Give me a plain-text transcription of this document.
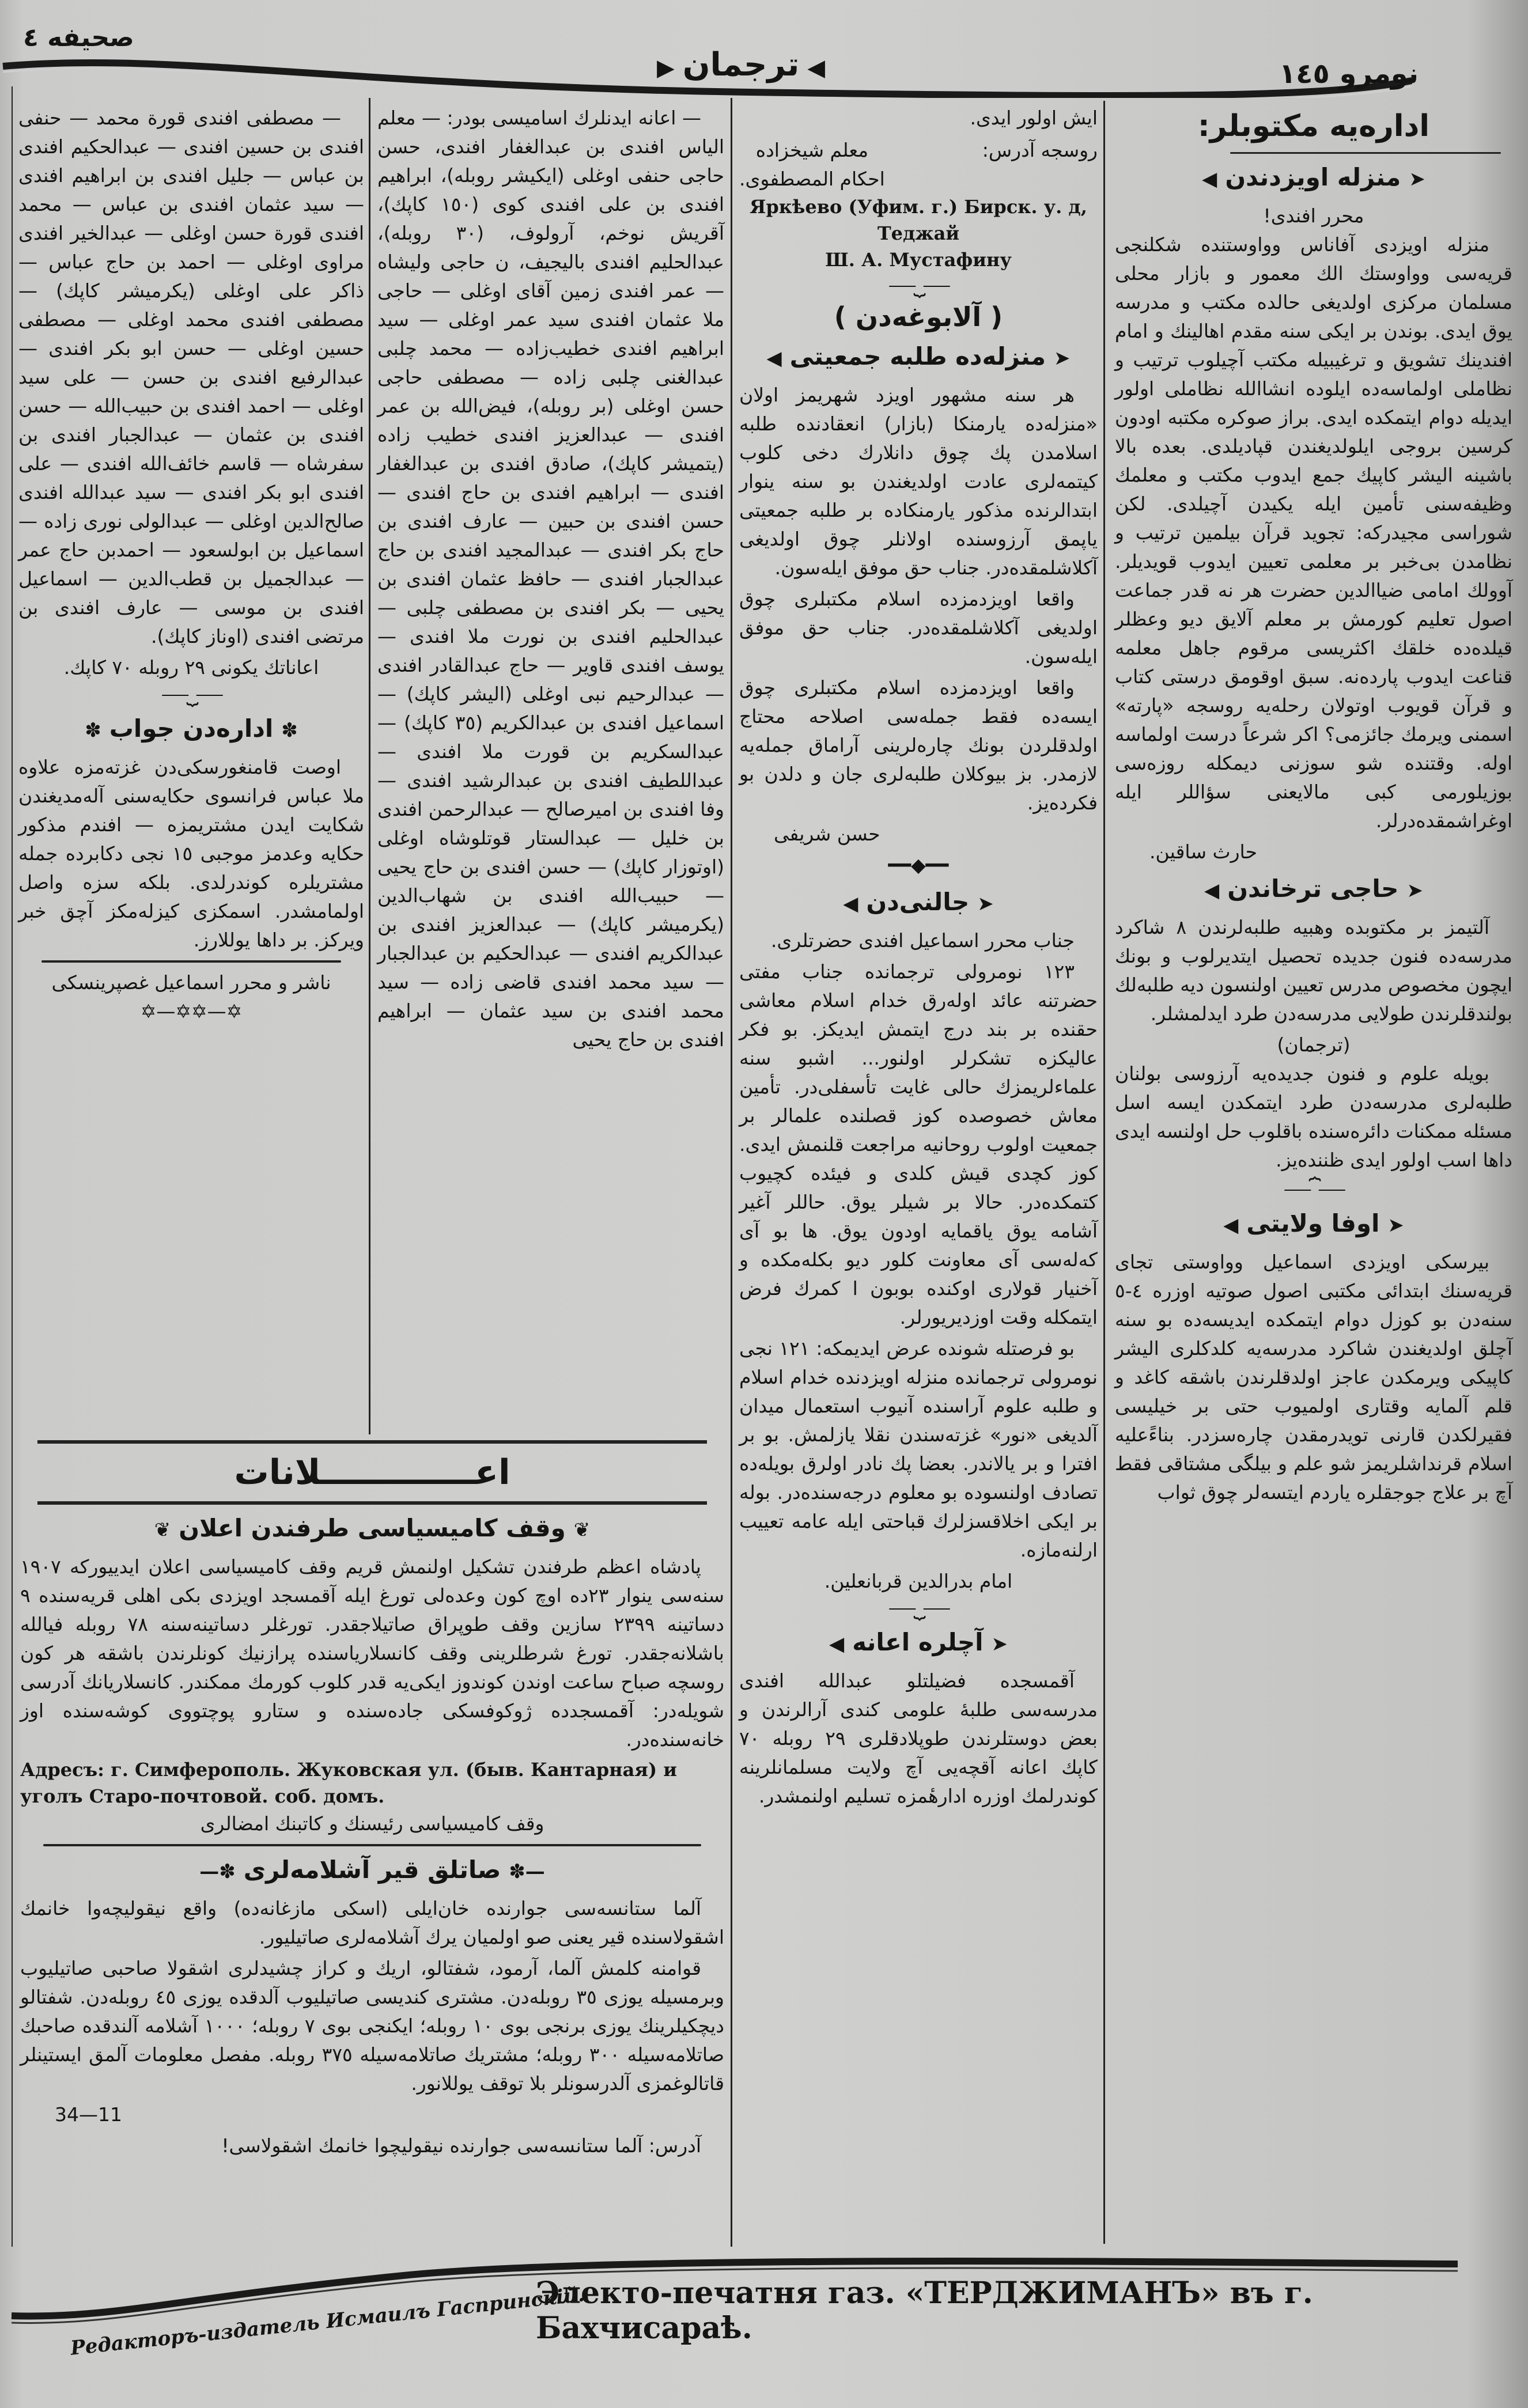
صحیفه ٤
◀ ترجمان ▶	نومرو ١٤٥
اداره‌یه مکتوبلر:
➤منزله اویزدندن◀
محرر افندی!

منزله اویزدی آفاناس وواوستنده شکلنجی قریه‌سی وواوستك الك معمور و بازار محلی مسلمان مرکزی اولدیغی حالده مکتب و مدرسه یوق ایدی. بوندن بر ایکی سنه مقدم اهالینك و امام افندینك تشویق و ترغیبیله مکتب آچیلوب ترتیب و نظاملی اولماسه‌ده ایلوده انشاالله نظاملی اولور ایدیله دوام ایتمکده ایدی. براز صوکره مکتبه اودون کرسین بروجی ایلولدیغندن قپادیلدی. بعده بالا باشینه الیشر کاپیك جمع ایدوب مکتب و معلمك وظیفه‌سنی تأمین ایله یکیدن آچیلدی. لکن شوراسی مجیدرکه: تجوید قرآن بیلمین ترتیب و نظامدن بی‌خبر بر معلمی تعیین ایدوب قویدیلر. آوولك امامی ضیاالدین حضرت هر نه قدر جماعت اصول تعلیم کورمش بر معلم آلایق دیو وعظلر قیلده‌ده خلقك اکثریسی مرقوم جاهل معلمه قناعت ایدوب پارده‌نه. سبق اوقومق درستی کتاب و قرآن قویوب اوتولان رحله‌یه روسجه «پارته» اسمنی ویرمك جائزمی؟ اکر شرعاً درست اولماسه اوله. وقتنده شو سوزنی دیمکله روزه‌سی بوزیلورمی کبی مالایعنی سؤاللر ایله اوغراشمقده‌درلر.

حارث ساقین.
➤حاجی ترخاندن◀

آلتیمز بر مکتوبده وهبیه طلبه‌لرندن ٨ شاکرد مدرسه‌ده فنون جدیده تحصیل ایتدیرلوب و بونك ایچون مخصوص مدرس تعیین اولنسون دیه طلبه‌لك بولندقلرندن طولایی مدرسه‌دن طرد ایدلمشلر.

(ترجمان)

بویله علوم و فنون جدیده‌یه آرزوسی بولنان طلبه‌لری مدرسه‌دن طرد ایتمکدن ایسه اسل مسئله ممکنات دائره‌سنده باقلوب حل اولنسه ایدی داها اسب اولور ایدی ظننده‌یز.

⎯⎯⎯⏞⎯⎯⎯
➤اوفا ولایتی◀

بیرسکی اویزدی اسماعیل وواوستی تجای قریه‌سنك ابتدائی مکتبی اصول صوتیه اوزره ٤-٥ سنه‌دن بو کوزل دوام ایتمکده ایدیسه‌ده بو سنه آچلق اولدیغندن شاکرد مدرسه‌یه کلدکلری الیشر کاپیکی ویرمکدن عاجز اولدقلرندن باشقه کاغد و قلم آلمایه وقتاری اولمیوب حتی بر خیلیسی فقیرلکدن قارنی تویدرمقدن چاره‌سزدر. بناءً‌علیه اسلام قرنداشلریمز شو علم و بیلگی مشتاقی فقط آچ بر علاج جوجقلره یاردم ایتسه‌لر چوق ثواب

ایش اولور ایدی.
روسجه آدرس:
معلم شیخزاده
احکام المصطفوی.
Яркѣево (Уфим. г.) Бирск. у. д, Теджай
Ш. А. Мустафину
⎯⎯⎯⏟⎯⎯⎯
( آلابوغه‌دن )
➤منزله‌ده طلبه جمعیتی◀

هر سنه مشهور اویزد شهریمز اولان «منزله‌ده یارمنکا (بازار) انعقادنده طلبه اسلامدن پك چوق دانلارك دخی کلوب کیتمه‌لری عادت اولدیغندن بو سنه ینوار ابتدالرنده مذکور یارمنکاده بر طلبه جمعیتی یاپمق آرزوسنده اولانلر چوق اولدیغی آکلاشلمقده‌در. جناب حق موفق ایله‌سون.

واقعا اویزدمزده اسلام مکتبلری چوق اولدیغی آکلاشلمقده‌در. جناب حق موفق ایله‌سون.

واقعا اویزدمزده اسلام مکتبلری چوق ایسه‌ده فقط جمله‌سی اصلاحه محتاج اولدقلردن بونك چاره‌لرینی آراماق جمله‌یه لازمدر. بز بیوکلان طلبه‌لری جان و دلدن بو فکرده‌یز.

حسن شریفی
━━◆━━
➤جالنی‌دن◀

جناب محرر اسماعیل افندی حضرتلری.

١٢٣ نومرولی ترجمانده جناب مفتی حضرتنه عائد اوله‌رق خدام اسلام معاشی حقنده بر بند درج ایتمش ایدیکز. بو فکر عالیکزه تشکرلر اولنور... اشبو سنه علماءلریمزك حالی غایت تأسفلی‌در. تأمین معاش خصوصده کوز قصلنده علمالر بر جمعیت اولوب روحانیه مراجعت قلنمش ایدی. کوز کچدی قیش کلدی و فیئده کچیوب کتمکده‌در. حالا بر شیلر یوق. حاللر آغیر آشامه یوق یاقمایه اودون یوق. ها بو آی که‌له‌سی آی معاونت کلور دیو بکله‌مکده و آخنیار قولاری اوکنده بوبون ا کمرك فرض ایتمکله وقت اوزدیریورلر.

بو فرصتله شونده عرض ایدیمکه: ١٢١ نجی نومرولی ترجمانده منزله اویزدنده خدام اسلام و طلبه علوم آراسنده آنیوب استعمال میدان آلدیغی «نور» غزته‌سندن نقلا یازلمش. بو بر افترا و بر یالاندر. بعضا پك نادر اولرق بویله‌ده تصادف اولنسوده بو معلوم درجه‌سنده‌در. بوله بر ایکی اخلاقسزلرك قباحتی ایله عامه تعییب ارلنه‌مازه.

امام بدرالدین قربانعلین.
⎯⎯⎯⏟⎯⎯⎯
➤آچلره اعانه◀

آقمسجده فضیلتلو عبدالله افندی مدرسه‌سی طلبهٔ علومی کندی آرالرندن و بعض دوستلرندن طوپلادقلری ٢٩ روبله ٧٠ کاپك اعانه آقچه‌یی آچ ولایت مسلمانلرینه کوندرلمك اوزره ادارهٔمزه تسلیم اولنمشدر.

— اعانه ایدنلرك اسامیسی بودر: — معلم الیاس افندی بن عبدالغفار افندی، حسن حاجی حنفی اوغلی (ایکیشر روبله)، ابراهیم افندی بن علی افندی کوی (١٥٠ کاپك)، آقریش نوخم، آرولوف، (٣٠ روبله)، عبدالحلیم افندی بالیجیف، ن حاجی ولیشاه — عمر افندی زمین آقای اوغلی — حاجی ملا عثمان افندی سید عمر اوغلی — سید ابراهیم افندی خطیب‌زاده — محمد چلبی عبدالغنی چلبی زاده — مصطفی حاجی حسن اوغلی (بر روبله)، فیض‌الله بن عمر افندی — عبدالعزیز افندی خطیب زاده (یتمیشر کاپك)، صادق افندی بن عبدالغفار افندی — ابراهیم افندی بن حاج افندی — حسن افندی بن حبین — عارف افندی بن حاج بکر افندی — عبدالمجید افندی بن حاج عبدالجبار افندی — حافظ عثمان افندی بن یحیی — بکر افندی بن مصطفی چلبی — عبدالحلیم افندی بن نورت ملا افندی — یوسف افندی قاویر — حاج عبدالقادر افندی — عبدالرحیم نبی اوغلی (الیشر کاپك) — اسماعیل افندی بن عبدالکریم (٣٥ کاپك) — عبدالسکریم بن قورت ملا افندی — عبداللطیف افندی بن عبدالرشید افندی — وفا افندی بن امیرصالح — عبدالرحمن افندی بن خلیل — عبدالستار قوتلوشاه اوغلی (اوتوزار کاپك) — حسن افندی بن حاج یحیی — حبیب‌الله افندی بن شهاب‌الدین (یکرمیشر کاپك) — عبدالعزیز افندی بن عبدالکریم افندی — عبدالحکیم بن عبدالجبار — سید محمد افندی قاضی زاده — سید محمد افندی بن سید عثمان — ابراهیم افندی بن حاج یحیی

— مصطفی افندی قورة محمد — حنفی افندی بن حسین افندی — عبدالحکیم افندی بن عباس — جلیل افندی بن ابراهیم افندی — سید عثمان افندی بن عباس — محمد افندی قورة حسن اوغلی — عبدالخیر افندی مراوی اوغلی — احمد بن حاج عباس — ذاکر علی اوغلی (یکرمیشر کاپك) — مصطفی افندی محمد اوغلی — مصطفی حسین اوغلی — حسن ابو بکر افندی — عبدالرفیع افندی بن حسن — علی سید اوغلی — احمد افندی بن حبیب‌الله — حسن افندی بن عثمان — عبدالجبار افندی بن سفرشاه — قاسم خائف‌الله افندی — علی افندی ابو بکر افندی — سید عبدالله افندی صالح‌الدین اوغلی — عبدالولی نوری زاده — اسماعیل بن ابولسعود — احمدبن حاج عمر — عبدالجمیل بن قطب‌الدین — اسماعیل افندی بن موسی — عارف افندی بن مرتضی افندی (اوناز کاپك).

اعاناتك یکونی ٢٩ روبله ٧٠ کاپك.
⎯⎯⎯⏟⎯⎯⎯
✽اداره‌دن جواب✽

اوصت قامنغورسکی‌دن غزته‌مزه علاوه ملا عباس فرانسوی حکایه‌سنی آله‌مدیغندن شکایت ایدن مشتریمزه — افندم مذکور حکایه وعدمز موجبی ١٥ نجی دکابرده جمله مشتریلره کوندرلدی. بلکه سزه واصل اولمامشدر. اسمکزی کیزله‌مکز آچق خبر ویرکز. بر داها یوللارز.

ناشر و محرر اسماعیل غصپرینسکی
✡—✡✡—✡
اعـــــــــــــلانات
❦وقف کامیسیاسی طرفندن اعلان❦

پادشاه اعظم طرفندن تشکیل اولنمش قریم وقف کامیسیاسی اعلان ایدییورکه ١٩٠٧ سنه‌سی ینوار ٢٣ده اوچ کون وعده‌لی تورغ ایله آقمسجد اویزدی بکی اهلی قریه‌سنده ٩ دساتینه ٢٣٩٩ سازین وقف طوپراق صاتیلاجقدر. تورغلر دساتینه‌سنه ٧٨ روبله فیالله باشلانه‌جقدر. تورغ شرطلرینی وقف کانسلاریاسنده پرازنیك کونلرندن باشقه هر کون روسچه صباح ساعت اوندن کوندوز ایکی‌یه قدر کلوب کورمك ممکندر. کانسلاریانك آدرسی شویله‌در: آقمسجدده ژوکوفسکی جاده‌سنده و ستارو پوچتووی کوشه‌سنده اوز خانه‌سنده‌در.

Адресъ: г. Симферополь. Жуковская ул. (быв. Кантарная) и уголъ Старо-почтовой. соб. домъ.
وقف کامیسیاسی رئیسنك و کاتبنك امضالری
—✽صاتلق قیر آشلامه‌لری✽—

آلما ستانسه‌سی جوارنده خان‌ایلی (اسکی مازغانه‌ده) واقع نیقولیچه‌وا خانمك اشقولاسنده قیر یعنی صو اولمیان یرك آشلامه‌لری صاتیلیور.

قوامنه کلمش آلما، آرمود، شفتالو، اریك و کراز چشیدلری اشقولا صاحبی صاتیلیوب وبرمسیله یوزی ٣٥ روبله‌دن. مشتری کندیسی صاتیلیوب آلدقده یوزی ٤٥ روبله‌دن. شفتالو دیچکیلرینك یوزی برنجی بوی ١٠ روبله؛ ایکنجی بوی ٧ روبله؛ ١٠٠٠ آشلامه آلندقده صاحبك صاتلامه‌سیله ٣٠٠ روبله؛ مشتریك صاتلامه‌سیله ٣٧٥ روبله. مفصل معلومات آلمق ایستینلر قاتالوغمزی آلدرسونلر بلا توقف یوللانور.

11—34

آدرس: آلما ستانسه‌سی جوارنده نیقولیچوا خانمك اشقولاسی!

Электо-печатня газ. «ТЕРДЖИМАНЪ» въ г. Бахчисараѣ.
Редакторъ-издатель Исмаилъ Гаспринскій.
